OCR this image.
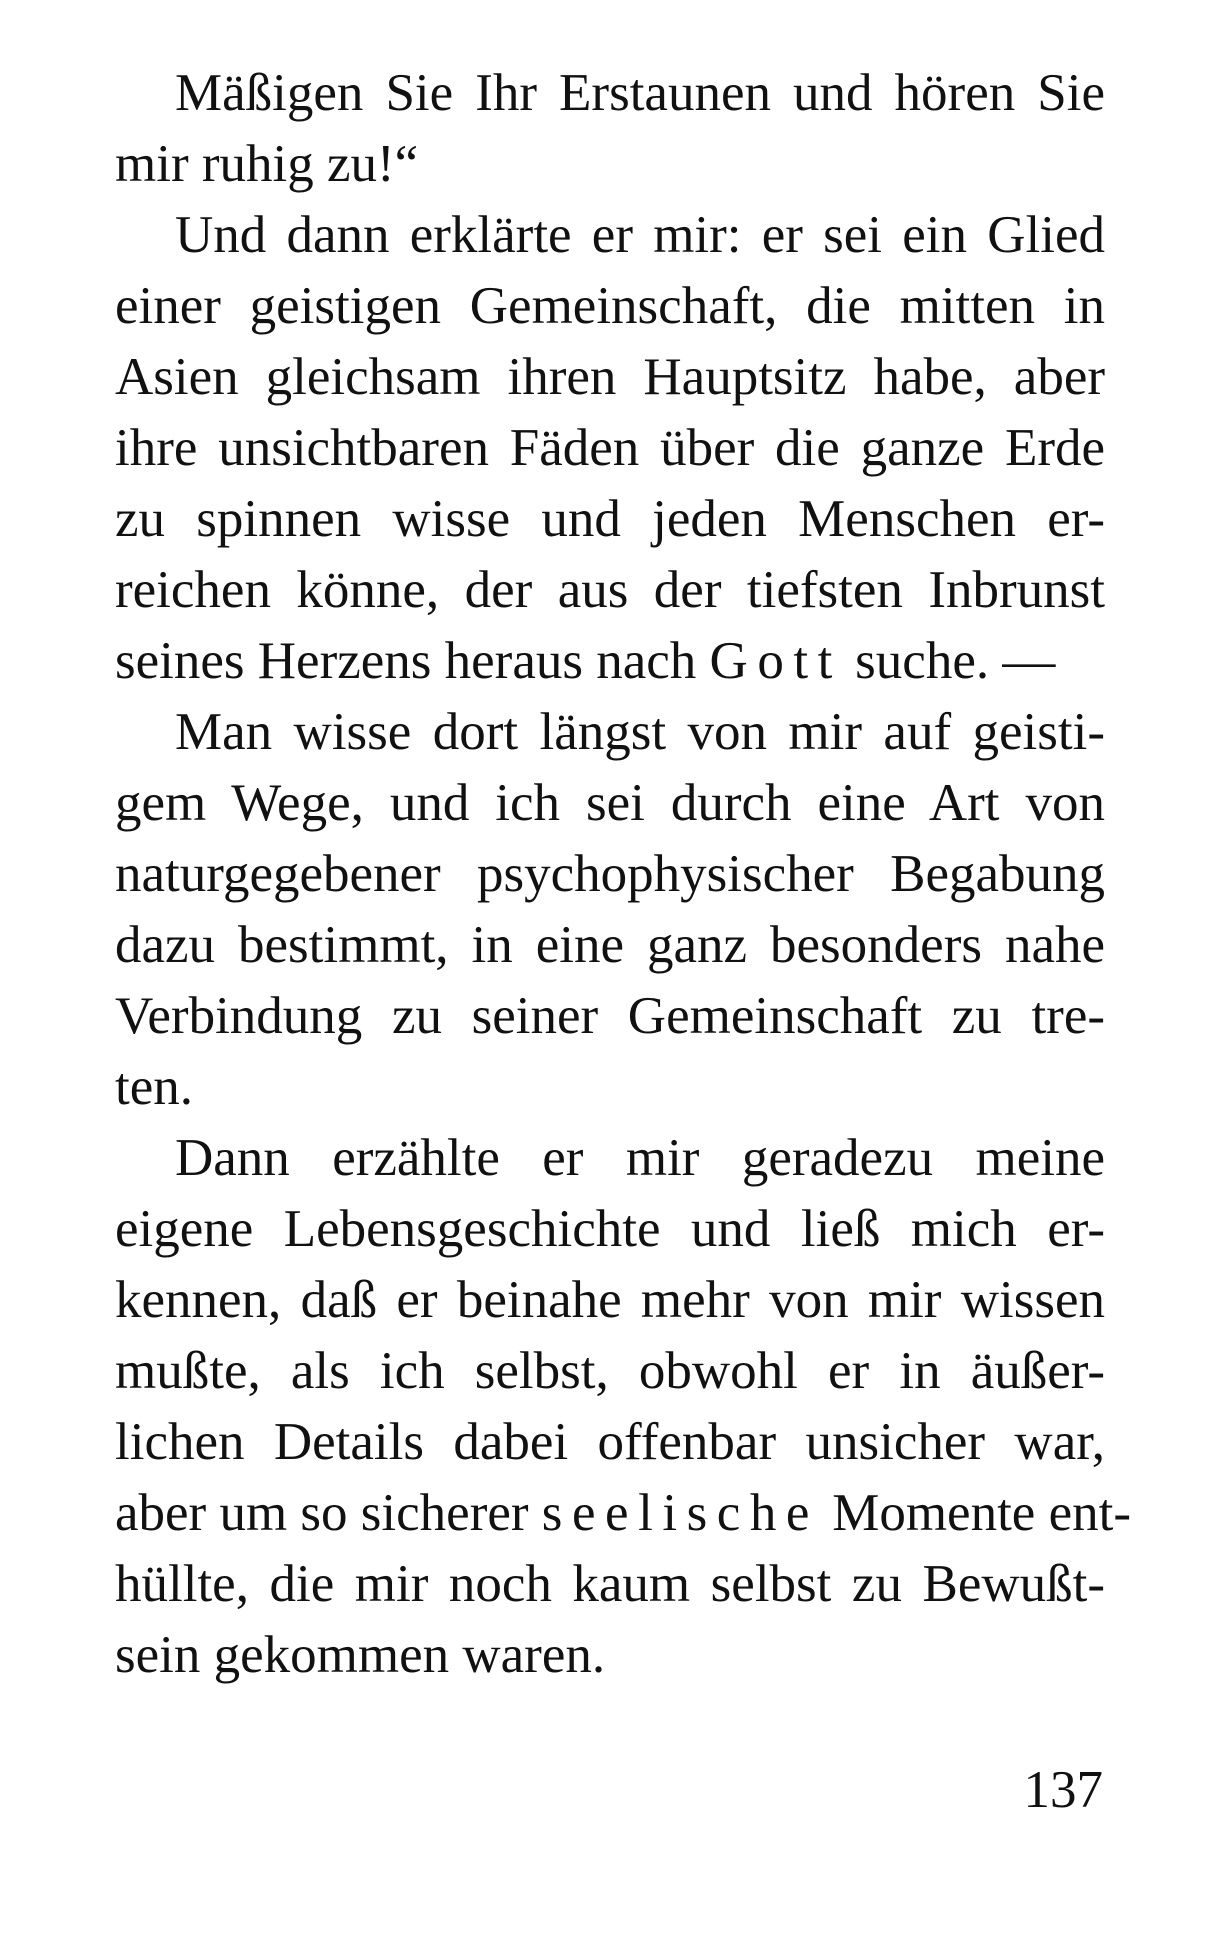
Mäßigen Sie Ihr Erstaunen und hören Sie
mir ruhig zu!“
Und dann erklärte er mir: er sei ein Glied
einer geistigen Gemeinschaft, die mitten in
Asien gleichsam ihren Hauptsitz habe, aber
ihre unsichtbaren Fäden über die ganze Erde
zu spinnen wisse und jeden Menschen er-
reichen könne, der aus der tiefsten Inbrunst
seines Herzens heraus nach Gott suche. —
Man wisse dort längst von mir auf geisti-
gem Wege, und ich sei durch eine Art von
naturgegebener psychophysischer Begabung
dazu bestimmt, in eine ganz besonders nahe
Verbindung zu seiner Gemeinschaft zu tre-
ten.
Dann erzählte er mir geradezu meine
eigene Lebensgeschichte und ließ mich er-
kennen, daß er beinahe mehr von mir wissen
mußte, als ich selbst, obwohl er in äußer-
lichen Details dabei offenbar unsicher war,
aber um so sicherer seelische Momente ent-
hüllte, die mir noch kaum selbst zu Bewußt-
sein gekommen waren.
137
